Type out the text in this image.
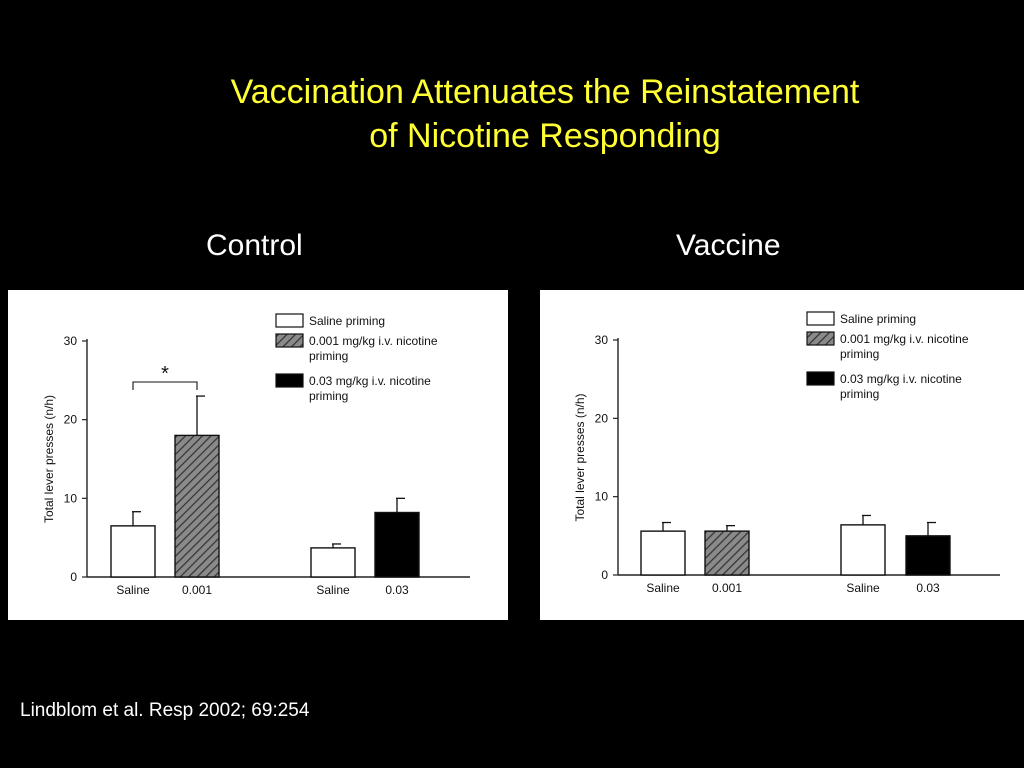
Vaccination Attenuates the Reinstatement
of Nicotine Responding
Control	Vaccine
0
10
20
30
Total lever presses (n/h)
Saline	0.001	Saline	0.03
*
Saline priming
0.001 mg/kg i.v. nicotine
priming
0.03 mg/kg i.v. nicotine
priming
0
10
20
30
Total lever presses (n/h)
Saline	0.001	Saline	0.03
Saline priming
0.001 mg/kg i.v. nicotine
priming
0.03 mg/kg i.v. nicotine
priming
Lindblom et al. Resp 2002; 69:254
